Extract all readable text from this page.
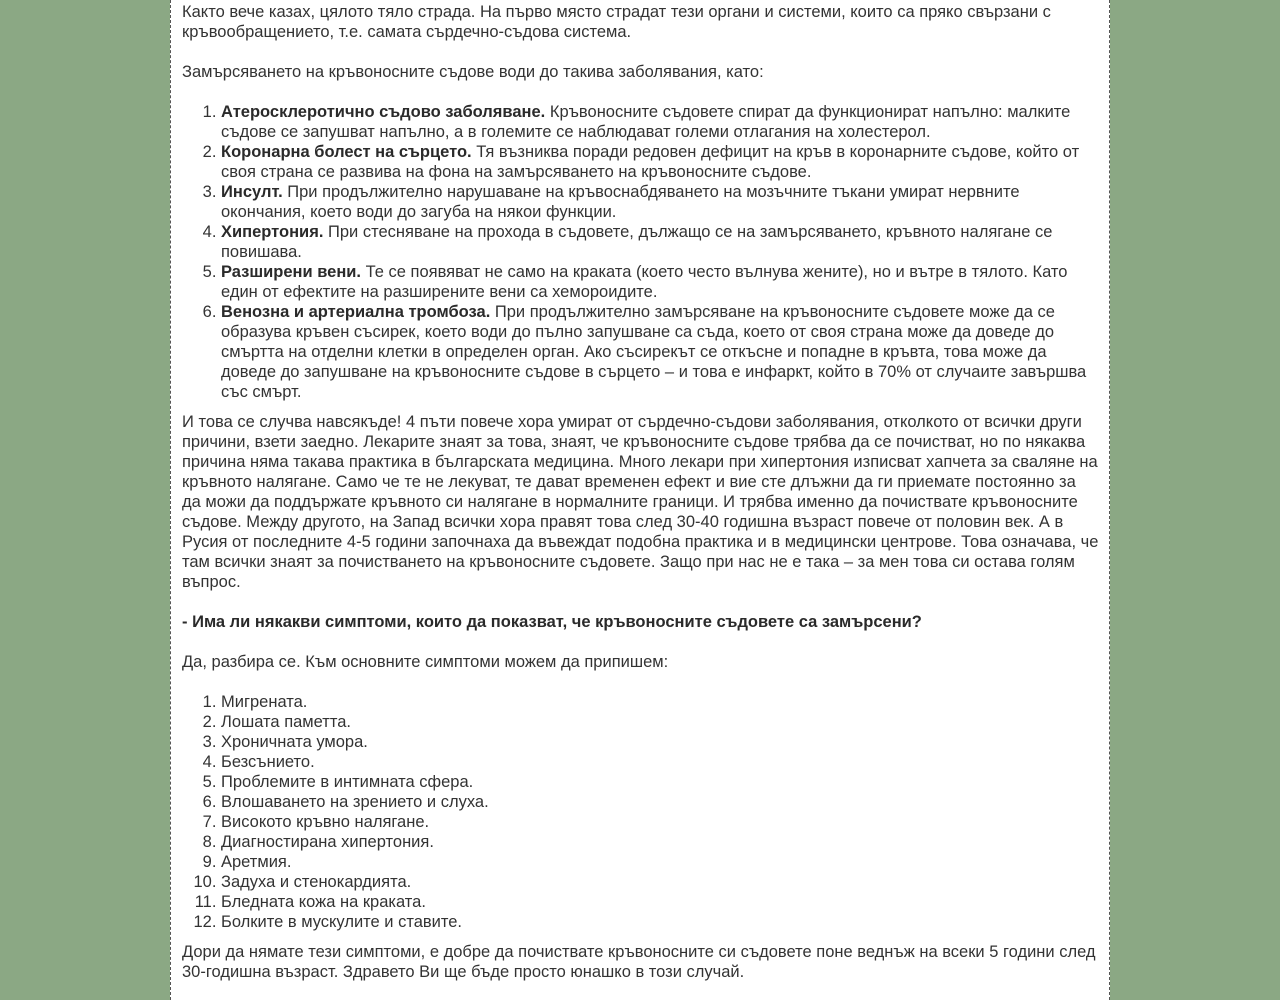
Както вече казах, цялото тяло страда. На първо място страдат тези органи и системи, които са пряко свързани с кръвообращението, т.е. самата сърдечно-съдова система.

Замърсяването на кръвоносните съдове води до такива заболявания, като:

1. Атеросклеротично съдово заболяване. Кръвоносните съдовете спират да функционират напълно: малките съдове се запушват напълно, а в големите се наблюдават големи отлагания на холестерол.
2. Коронарна болест на сърцето. Тя възниква поради редовен дефицит на кръв в коронарните съдове, който от своя страна се развива на фона на замърсяването на кръвоносните съдове.
3. Инсулт. При продължително нарушаване на кръвоснабдяването на мозъчните тъкани умират нервните окончания, което води до загуба на някои функции.
4. Хипертония. При стесняване на прохода в съдовете, дължащо се на замърсяването, кръвното налягане се повишава.
5. Разширени вени. Те се появяват не само на краката (което често вълнува жените), но и вътре в тялото. Като един от ефектите на разширените вени са хемороидите.
6. Венозна и артериална тромбоза. При продължително замърсяване на кръвоносните съдовете може да се образува кръвен съсирек, което води до пълно запушване са съда, което от своя страна може да доведе до смъртта на отделни клетки в определен орган. Ако съсирекът се откъсне и попадне в кръвта, това може да доведе до запушване на кръвоносните съдове в сърцето – и това е инфаркт, който в 70% от случаите завършва със смърт.

И това се случва навсякъде! 4 пъти повече хора умират от сърдечно-съдови заболявания, отколкото от всички други причини, взети заедно. Лекарите знаят за това, знаят, че кръвоносните съдове трябва да се почистват, но по някаква причина няма такава практика в българската медицина. Много лекари при хипертония изписват хапчета за сваляне на кръвното налягане. Само че те не лекуват, те дават временен ефект и вие сте длъжни да ги приемате постоянно за да можи да поддържате кръвното си налягане в нормалните граници. И трябва именно да почиствате кръвоносните съдове. Между другото, на Запад всички хора правят това след 30-40 годишна възраст повече от половин век. А в Русия от последните 4-5 години започнаха да въвеждат подобна практика и в медицински центрове. Това означава, че там всички знаят за почистването на кръвоносните съдовете. Защо при нас не е така – за мен това си остава голям въпрос.

- Има ли някакви симптоми, които да показват, че кръвоносните съдовете са замърсени?

Да, разбира се. Към основните симптоми можем да припишем:

1. Мигрената.
2. Лошата паметта.
3. Хроничната умора.
4. Безсънието.
5. Проблемите в интимната сфера.
6. Влошаването на зрението и слуха.
7. Високото кръвно налягане.
8. Диагностирана хипертония.
9. Аретмия.
10. Задуха и стенокардията.
11. Бледната кожа на краката.
12. Болките в мускулите и ставите.

Дори да нямате тези симптоми, е добре да почиствате кръвоносните си съдовете поне веднъж на всеки 5 години след 30-годишна възраст. Здравето Ви ще бъде просто юнашко в този случай.
